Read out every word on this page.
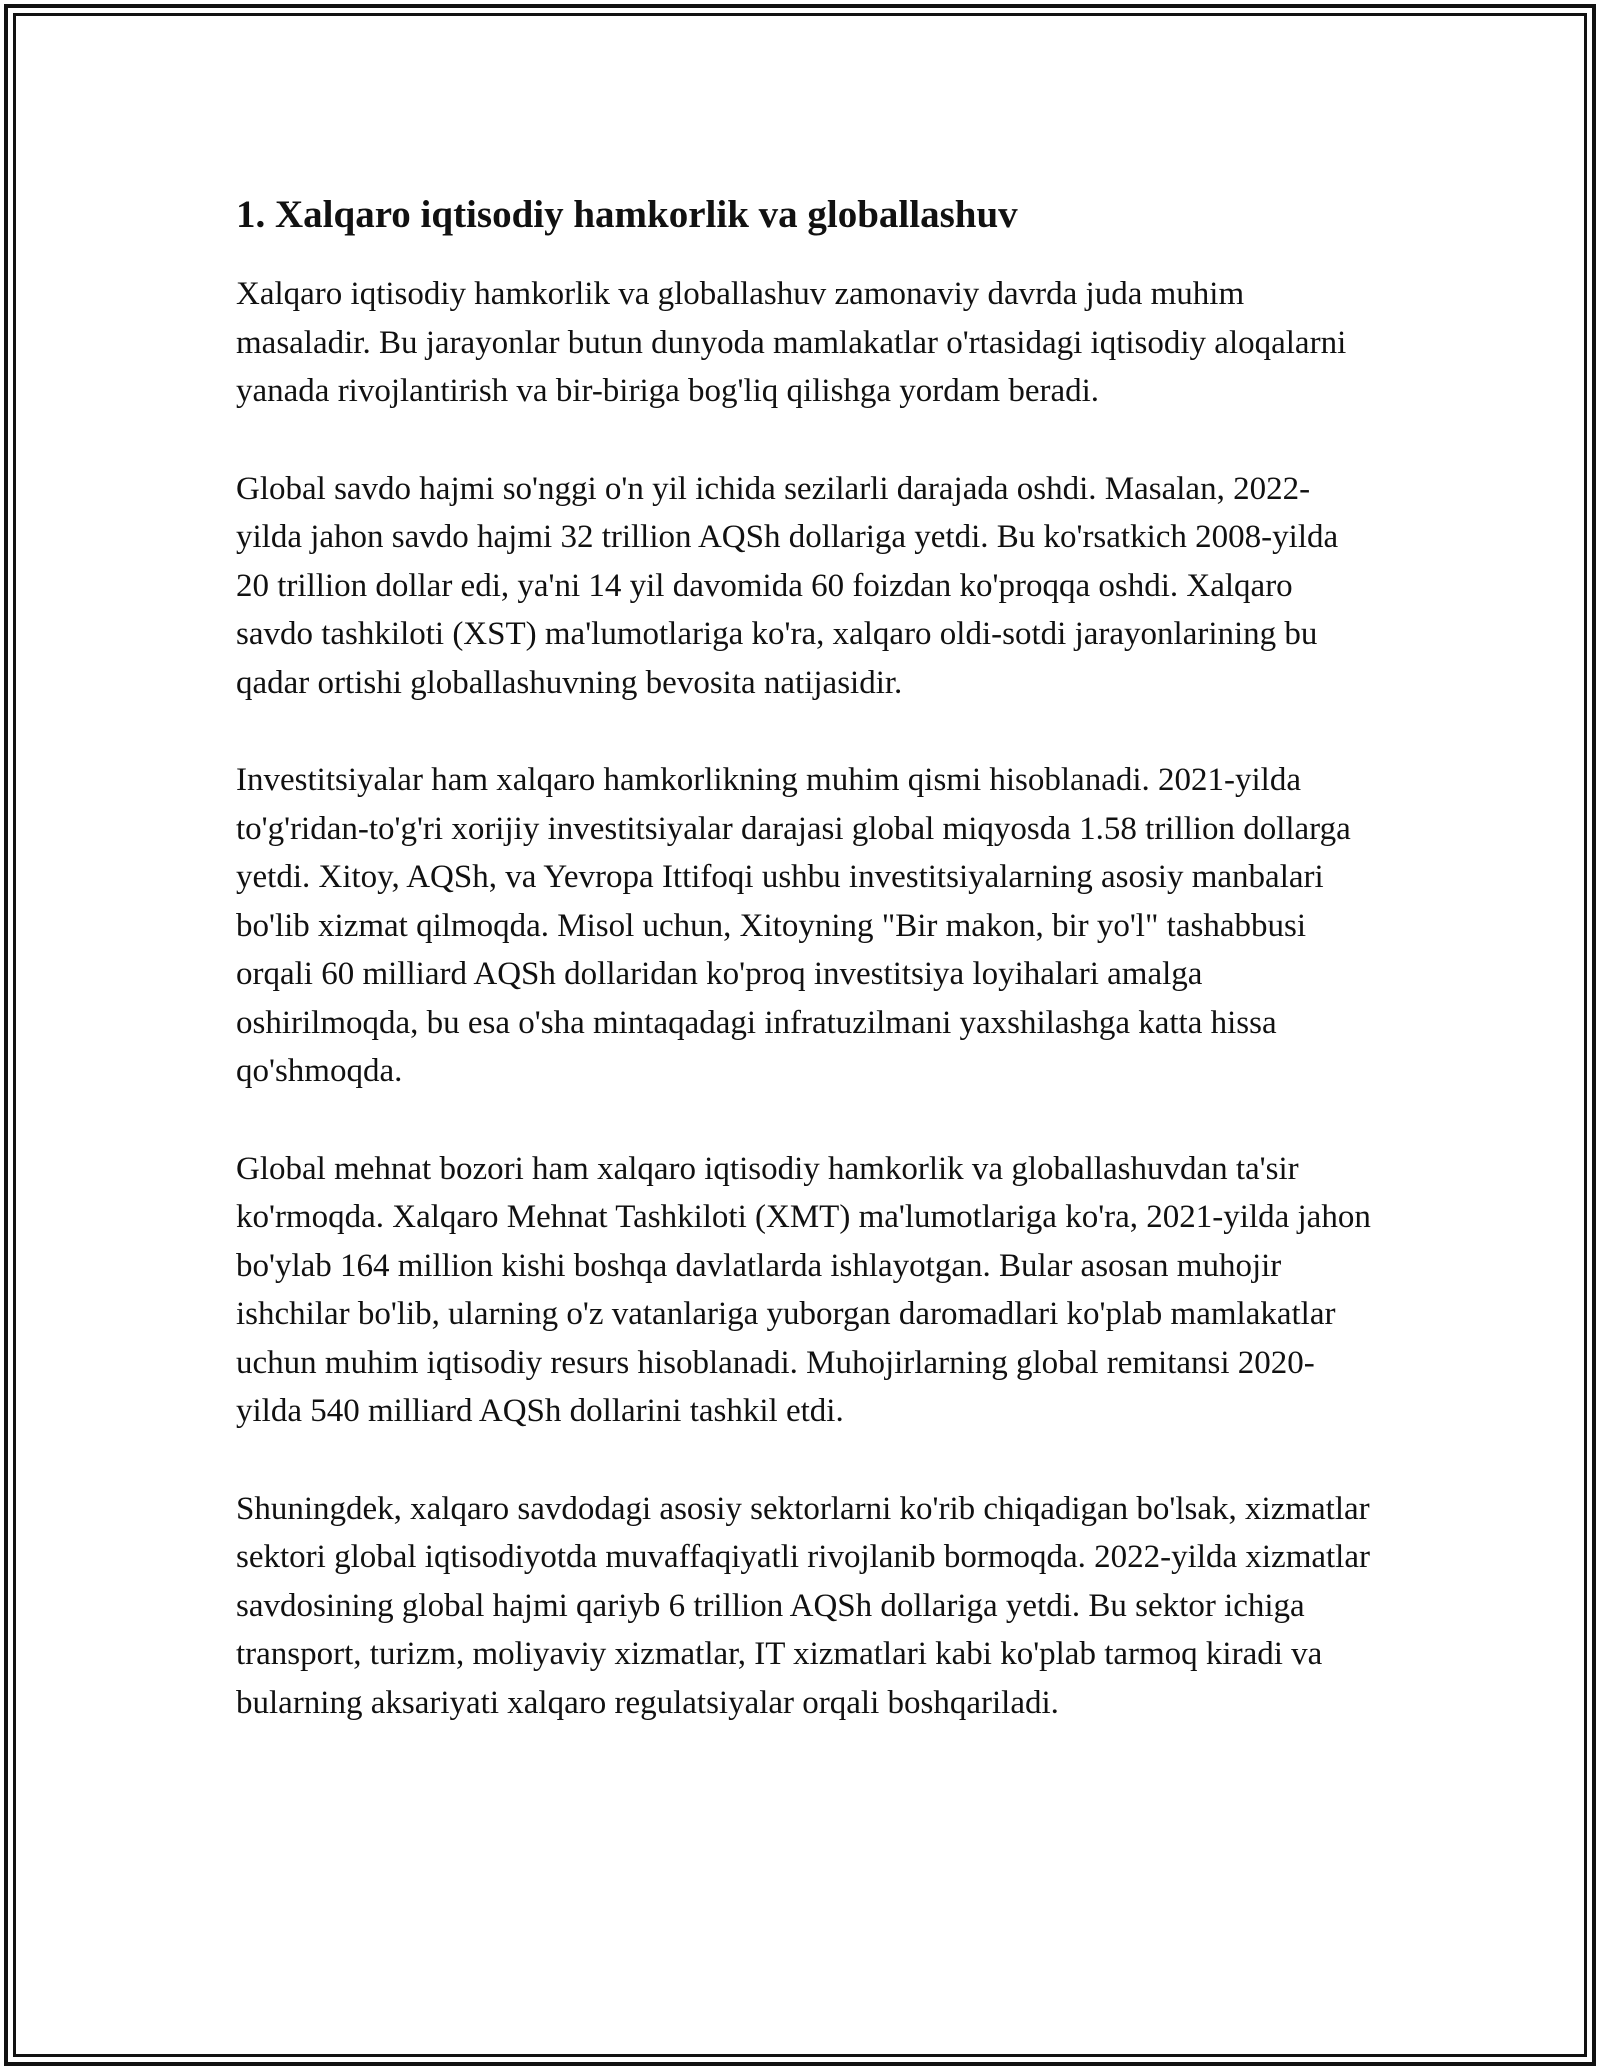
1. Xalqaro iqtisodiy hamkorlik va globallashuv

Xalqaro iqtisodiy hamkorlik va globallashuv zamonaviy davrda juda muhim masaladir. Bu jarayonlar butun dunyoda mamlakatlar o'rtasidagi iqtisodiy aloqalarni yanada rivojlantirish va bir-biriga bog'liq qilishga yordam beradi.

Global savdo hajmi so'nggi o'n yil ichida sezilarli darajada oshdi. Masalan, 2022-yilda jahon savdo hajmi 32 trillion AQSh dollariga yetdi. Bu ko'rsatkich 2008-yilda 20 trillion dollar edi, ya'ni 14 yil davomida 60 foizdan ko'proqqa oshdi. Xalqaro savdo tashkiloti (XST) ma'lumotlariga ko'ra, xalqaro oldi-sotdi jarayonlarining bu qadar ortishi globallashuvning bevosita natijasidir.

Investitsiyalar ham xalqaro hamkorlikning muhim qismi hisoblanadi. 2021-yilda to'g'ridan-to'g'ri xorijiy investitsiyalar darajasi global miqyosda 1.58 trillion dollarga yetdi. Xitoy, AQSh, va Yevropa Ittifoqi ushbu investitsiyalarning asosiy manbalari bo'lib xizmat qilmoqda. Misol uchun, Xitoyning "Bir makon, bir yo'l" tashabbusi orqali 60 milliard AQSh dollaridan ko'proq investitsiya loyihalari amalga oshirilmoqda, bu esa o'sha mintaqadagi infratuzilmani yaxshilashga katta hissa qo'shmoqda.

Global mehnat bozori ham xalqaro iqtisodiy hamkorlik va globallashuvdan ta'sir ko'rmoqda. Xalqaro Mehnat Tashkiloti (XMT) ma'lumotlariga ko'ra, 2021-yilda jahon bo'ylab 164 million kishi boshqa davlatlarda ishlayotgan. Bular asosan muhojir ishchilar bo'lib, ularning o'z vatanlariga yuborgan daromadlari ko'plab mamlakatlar uchun muhim iqtisodiy resurs hisoblanadi. Muhojirlarning global remitansi 2020-yilda 540 milliard AQSh dollarini tashkil etdi.

Shuningdek, xalqaro savdodagi asosiy sektorlarni ko'rib chiqadigan bo'lsak, xizmatlar sektori global iqtisodiyotda muvaffaqiyatli rivojlanib bormoqda. 2022-yilda xizmatlar savdosining global hajmi qariyb 6 trillion AQSh dollariga yetdi. Bu sektor ichiga transport, turizm, moliyaviy xizmatlar, IT xizmatlari kabi ko'plab tarmoq kiradi va bularning aksariyati xalqaro regulatsiyalar orqali boshqariladi.
